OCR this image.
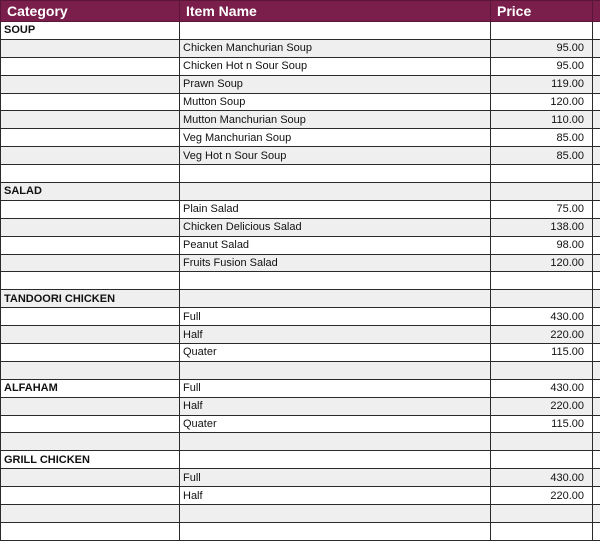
Category	Item Name	Price	
SOUP			
	Chicken Manchurian Soup	95.00	
	Chicken Hot n Sour Soup	95.00	
	Prawn Soup	119.00	
	Mutton Soup	120.00	
	Mutton Manchurian Soup	110.00	
	Veg Manchurian Soup	85.00	
	Veg Hot n Sour Soup	85.00	

SALAD			
	Plain Salad	75.00	
	Chicken Delicious Salad	138.00	
	Peanut Salad	98.00	
	Fruits Fusion Salad	120.00	

TANDOORI CHICKEN			
	Full	430.00	
	Half	220.00	
	Quater	115.00	

ALFAHAM	Full	430.00	
	Half	220.00	
	Quater	115.00	

GRILL CHICKEN			
	Full	430.00	
	Half	220.00	
